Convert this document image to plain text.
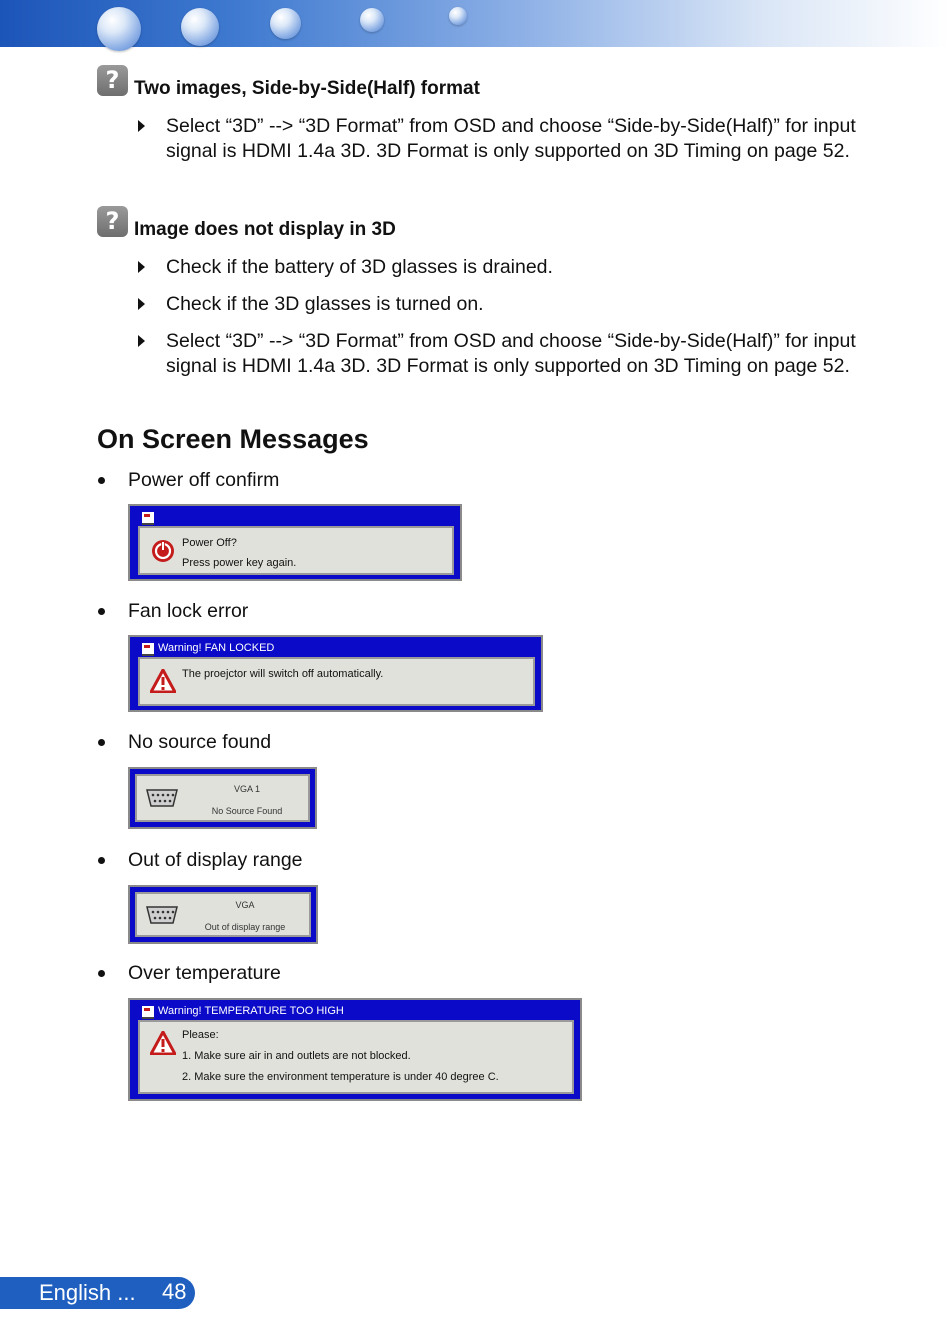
? Two images, Side-by-Side(Half) format
Select “3D” --> “3D Format” from OSD and choose “Side-by-Side(Half)” for input signal is HDMI 1.4a 3D. 3D Format is only supported on 3D Timing on page 52.
? Image does not display in 3D
Check if the battery of 3D glasses is drained.
Check if the 3D glasses is turned on.
Select “3D” --> “3D Format” from OSD and choose “Side-by-Side(Half)” for input signal is HDMI 1.4a 3D. 3D Format is only supported on 3D Timing on page 52.
On Screen Messages
Power off confirm
Power Off?
Press power key again.
Fan lock error
Warning! FAN LOCKED
The proejctor will switch off automatically.
No source found
VGA 1
No Source Found
Out of display range
VGA
Out of display range
Over temperature
Warning! TEMPERATURE TOO HIGH
Please:
1. Make sure air in and outlets are not blocked.
2. Make sure the environment temperature is under 40 degree C.
English ... 48
